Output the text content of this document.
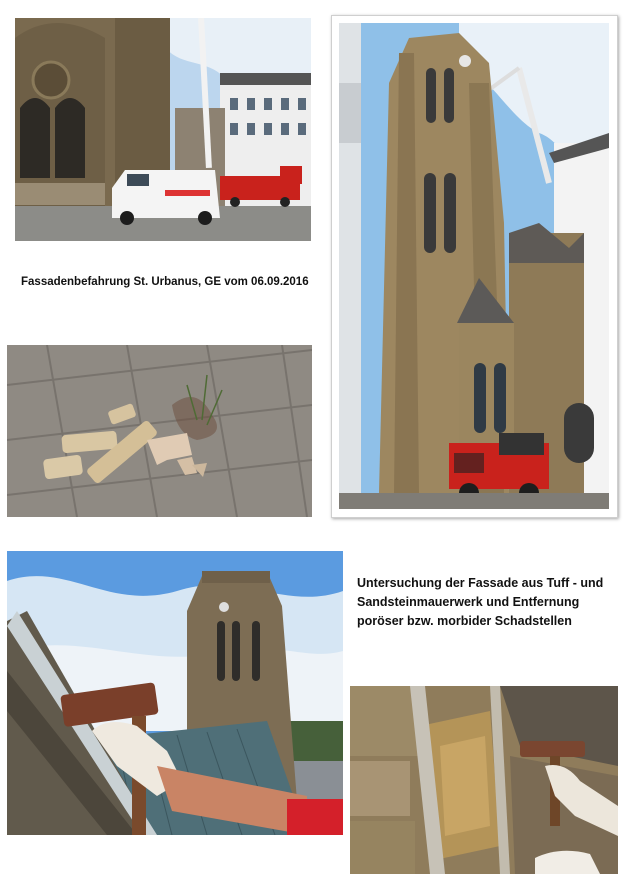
Fassadenbefahrung St. Urbanus, GE vom 06.09.2016
Untersuchung der Fassade aus Tuff - und
Sandsteinmauerwerk und Entfernung
poröser bzw. morbider Schadstellen
